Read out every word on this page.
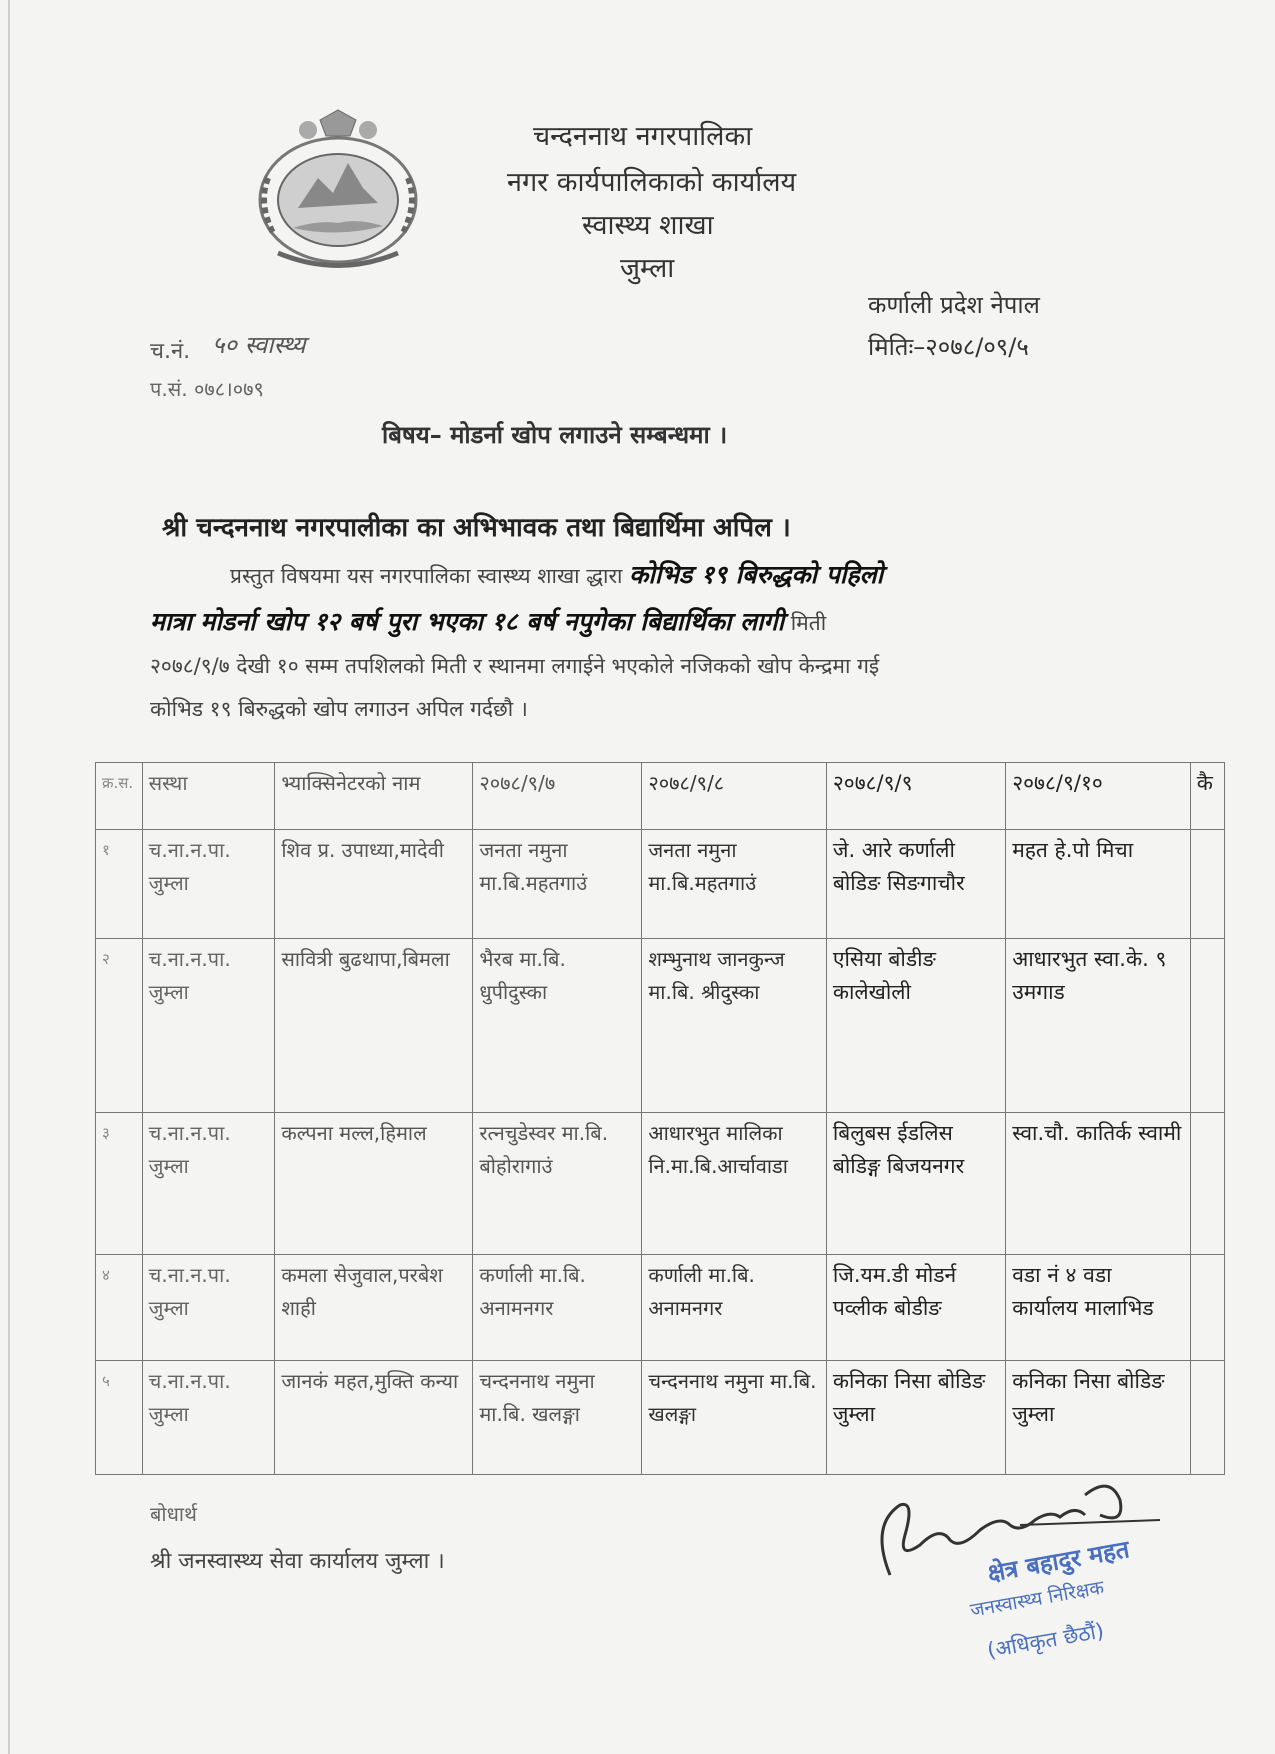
चन्दननाथ नगरपालिका
नगर कार्यपालिकाको कार्यालय
स्वास्थ्य शाखा
जुम्ला
कर्णाली प्रदेश नेपाल
मितिः–२०७८/०९/५
च.नं. ५० स्वास्थ्य
प.सं. ०७८।०७९
बिषय– मोडर्ना खोप लगाउने सम्बन्धमा ।
श्री चन्दननाथ नगरपालीका का अभिभावक तथा बिद्यार्थिमा अपिल ।
प्रस्तुत विषयमा यस नगरपालिका स्वास्थ्य शाखा द्धारा कोभिड १९ बिरुद्धको पहिलो
मात्रा मोडर्ना खोप १२ बर्ष पुरा भएका १८ बर्ष नपुगेका बिद्यार्थिका लागी मिती
२०७८/९/७ देखी १० सम्म तपशिलको मिती र स्थानमा लगाईने भएकोले नजिकको खोप केन्द्रमा गई
कोभिड १९ बिरुद्धको खोप लगाउन अपिल गर्दछौ ।
क्र.स.	सस्था	भ्याक्सिनेटरको नाम	२०७८/९/७	२०७८/९/८	२०७८/९/९	२०७८/९/१०	कै
१	च.ना.न.पा. जुम्ला	शिव प्र. उपाध्या,मादेवी	जनता नमुना मा.बि.महतगाउं	जनता नमुना मा.बि.महतगाउं	जे. आरे कर्णाली बोडिङ सिङगाचौर	महत हे.पो मिचा	
२	च.ना.न.पा. जुम्ला	सावित्री बुढथापा,बिमला	भैरब मा.बि. धुपीदुस्का	शम्भुनाथ जानकुन्ज मा.बि. श्रीदुस्का	एसिया बोडीङ कालेखोली	आधारभुत स्वा.के. ९ उमगाड	
३	च.ना.न.पा. जुम्ला	कल्पना मल्ल,हिमाल	रत्नचुडेस्वर मा.बि. बोहोरागाउं	आधारभुत मालिका नि.मा.बि.आर्चावाडा	बिलुबस ईडलिस बोडिङ्ग बिजयनगर	स्वा.चौ. कातिर्क स्वामी	
४	च.ना.न.पा. जुम्ला	कमला सेजुवाल,परबेश शाही	कर्णाली मा.बि. अनामनगर	कर्णाली मा.बि. अनामनगर	जि.यम.डी मोडर्न पव्लीक बोडीङ	वडा नं ४ वडा कार्यालय मालाभिड	
५	च.ना.न.पा. जुम्ला	जानकं महत,मुक्ति कन्या	चन्दननाथ नमुना मा.बि. खलङ्गा	चन्दननाथ नमुना मा.बि. खलङ्गा	कनिका निसा बोडिङ जुम्ला	कनिका निसा बोडिङ जुम्ला	
बोधार्थ
श्री जनस्वास्थ्य सेवा कार्यालय जुम्ला ।	क्षेत्र बहादुर महत
जनस्वास्थ्य निरिक्षक
(अधिकृत छैठौं)
